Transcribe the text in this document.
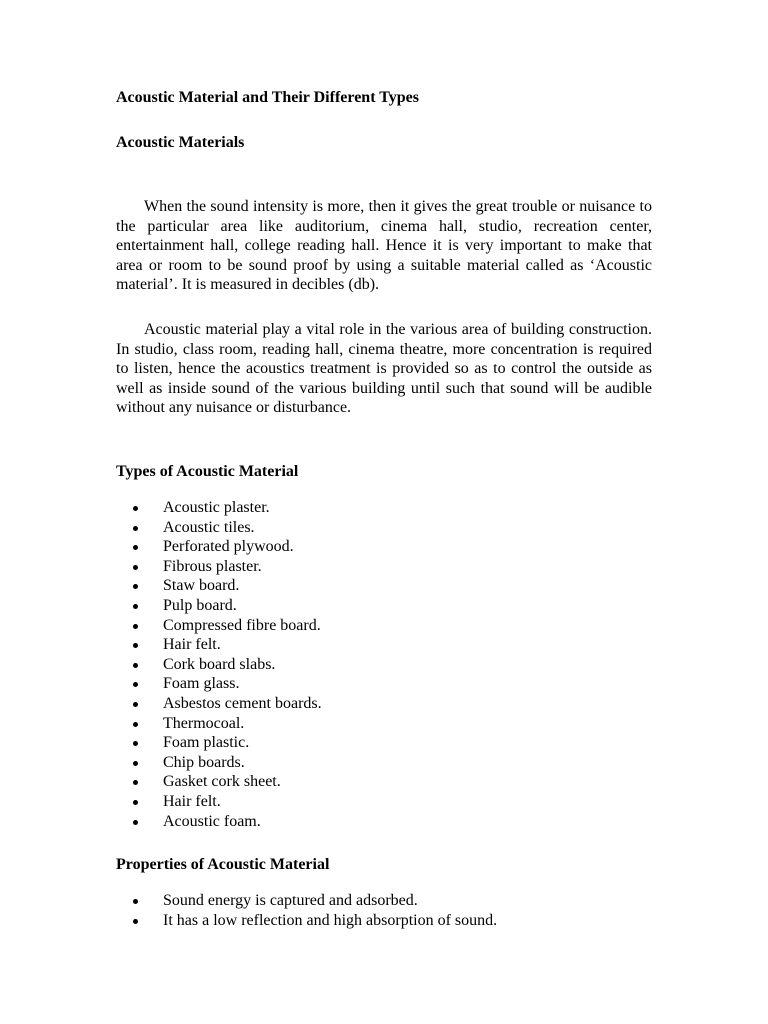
Acoustic Material and Their Different Types
Acoustic Materials

When the sound intensity is more, then it gives the great trouble or nuisance to the particular area like auditorium, cinema hall, studio, recreation center, entertainment hall, college reading hall. Hence it is very important to make that area or room to be sound proof by using a suitable material called as ‘Acoustic material’. It is measured in decibles (db).

Acoustic material play a vital role in the various area of building construction. In studio, class room, reading hall, cinema theatre, more concentration is required to listen, hence the acoustics treatment is provided so as to control the outside as well as inside sound of the various building until such that sound will be audible without any nuisance or disturbance.

Types of Acoustic Material
Acoustic plaster.
Acoustic tiles.
Perforated plywood.
Fibrous plaster.
Staw board.
Pulp board.
Compressed fibre board.
Hair felt.
Cork board slabs.
Foam glass.
Asbestos cement boards.
Thermocoal.
Foam plastic.
Chip boards.
Gasket cork sheet.
Hair felt.
Acoustic foam.
Properties of Acoustic Material
Sound energy is captured and adsorbed.
It has a low reflection and high absorption of sound.
